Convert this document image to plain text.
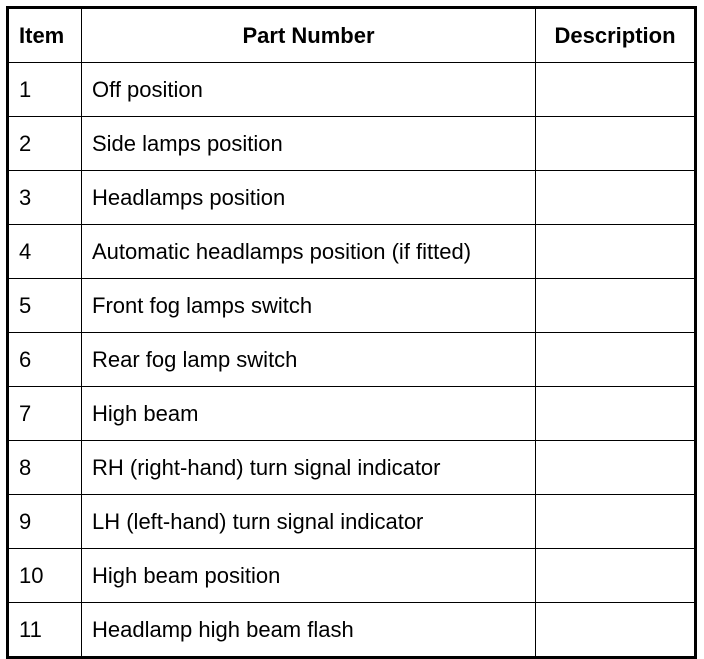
Item	Part Number	Description
1	Off position	
2	Side lamps position	
3	Headlamps position	
4	Automatic headlamps position (if fitted)	
5	Front fog lamps switch	
6	Rear fog lamp switch	
7	High beam	
8	RH (right-hand) turn signal indicator	
9	LH (left-hand) turn signal indicator	
10	High beam position	
11	Headlamp high beam flash	
